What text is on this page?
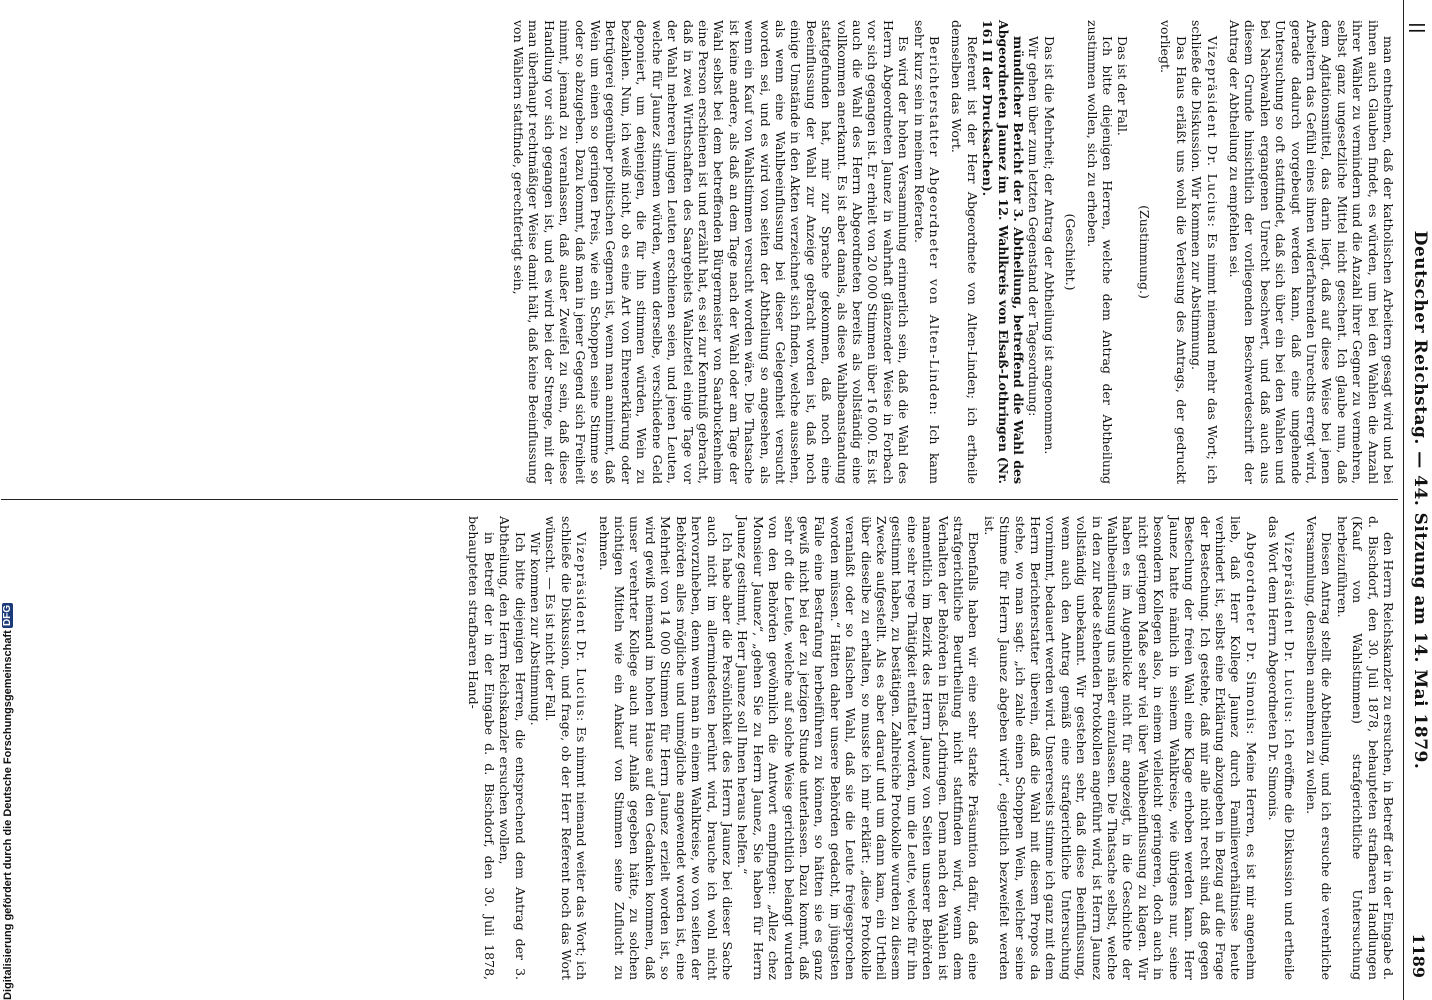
||
Deutscher Reichstag. — 44. Sitzung am 14. Mai 1879.
1189

man entnehmen, daß der katholischen Arbeitern gesagt wird und bei ihnen auch Glauben findet, es würden, um bei den Wahlen die Anzahl ihrer Wähler zu vermindern und die Anzahl ihrer Gegner zu vermehren, selbst ganz ungesetzliche Mittel nicht geschent. Ich glaube nun, daß dem Agitationsmittel, das darin liegt, daß auf diese Weise bei jenen Arbeitern das Gefühl eines ihnen widerfahrenden Unrechts erregt wird, gerade dadurch vorgebeugt werden kann, daß eine umgehende Untersuchung so oft stattfindet, daß sich über ein bei den Wahlen und bei Nachwahlen ergangenen Unrecht beschwert, und daß auch aus diesem Grunde hinsichtlich der vorliegenden Beschwerdeschrift der Antrag der Abtheilung zu empfehlen sei.

Vizepräsident Dr. Lucius: Es nimmt niemand mehr das Wort; ich schließe die Diskussion. Wir kommen zur Abstimmung.

Das Haus erläßt uns wohl die Verlesung des Antrags, der gedruckt vorliegt.

(Zustimmung.)

Das ist der Fall.

Ich bitte diejenigen Herren, welche dem Antrag der Abtheilung zustimmen wollen, sich zu erheben.

(Geschieht.)

Das ist die Mehrheit; der Antrag der Abtheilung ist angenommen.

Wir gehen über zum letzten Gegenstand der Tagesordnung:

mündlicher Bericht der 3. Abtheilung, betreffend die Wahl des Abgeordneten Jaunez im 12. Wahlkreis von Elsaß-Lothringen (Nr. 161 II der Drucksachen).

Referent ist der Herr Abgeordnete von Alten-Linden; ich ertheile demselben das Wort.

Berichterstatter Abgeordneter von Alten-Linden: Ich kann sehr kurz sein in meinem Referate.

Es wird der hohen Versammlung erinnerlich sein, daß die Wahl des Herrn Abgeordneten Jaunez in wahrhaft glänzender Weise in Forbach vor sich gegangen ist. Er erhielt von 20 000 Stimmen über 16 000. Es ist auch die Wahl des Herrn Abgeordneten bereits als vollständig eine vollkommen anerkannt. Es ist aber damals, als diese Wahlbeanstandung stattgefunden hat, mir zur Sprache gekommen, daß noch eine Beeinflussung der Wahl zur Anzeige gebracht worden ist, daß noch einige Umstände in den Akten verzeichnet sich finden, welche aussehen, als wenn eine Wahlbeeinflussung bei dieser Gelegenheit versucht worden sei, und es wird von seiten der Abtheilung so angesehen, als wenn ein Kauf von Wahlstimmen versucht worden wäre. Die Thatsache ist keine andere, als daß an dem Tage nach der Wahl oder am Tage der Wahl selbst bei dem betreffenden Bürgermeister von Saarbuckenheim eine Person erschienen ist und erzählt hat, es sei zur Kenntniß gebracht, daß in zwei Wirthschaften des Saargebiets Wahlzettel einige Tage vor der Wahl mehreren jungen Leuten erschienen seien, und jenen Leuten, welche für Jaunez stimmen würden, wenn derselbe, verschiedene Geld deponiert, um denjenigen, die für ihn stimmen würden, Wein zu bezahlen. Nun, ich weiß nicht, ob es eine Art von Ehrenerklärung oder Betrügerei gegenüber politischen Gegnern ist, wenn man annimmt, daß Wein um einen so geringen Preis, wie ein Schoppen seine Stimme so oder so abzugeben. Dazu kommt, daß man in jener Gegend sich Freiheit nimmt, jemand zu veranlassen, daß außer Zweifel zu sein, daß diese Handlung vor sich gegangen ist, und es wird bei der Strenge, mit der man überhaupt rechtmäßiger Weise damit hält, daß keine Beeinflussung von Wählern stattfinde, gerechtfertigt sein,

den Herrn Reichskanzler zu ersuchen, in Betreff der in der Eingabe d. d. Bischdorf, den 30. Juli 1878, behaupteten strafbaren Handlungen (Kauf von Wahlstimmen) strafgerichtliche Untersuchung herbeizuführen.

Diesen Antrag stellt die Abtheilung, und ich ersuche die verehrliche Versammlung, denselben annehmen zu wollen.

Vizepräsident Dr. Lucius: Ich eröffne die Diskussion und ertheile das Wort dem Herrn Abgeordneten Dr. Simonis.

Abgeordneter Dr. Simonis: Meine Herren, es ist mir angenehm lieb, daß Herr Kollege Jaunez durch Familienverhältnisse heute verhindert ist, selbst eine Erklärung abzugeben in Bezug auf die Frage der Bestechung. Ich gestehe, daß mir alle nicht recht sind, daß gegen Bestechung der freien Wahl eine Klage erhoben werden kann. Herr Jaunez hatte nämlich in seinem Wahlkreise, wie übrigens nur, seine besondern Kollegen also, in einem vielleicht geringeren, doch auch in nicht geringem Maße sehr viel über Wahlbeeinflussung zu klagen. Wir haben es im Augenblicke nicht für angezeigt, in die Geschichte der Wahlbeeinflussung uns näher einzulassen. Die Thatsache selbst, welche in den zur Rede stehenden Protokollen angeführt wird, ist Herrn Jaunez vollständig unbekannt. Wir gestehen sehr, daß diese Beeinflussung, wenn auch den Antrag gemäß eine strafgerichtliche Untersuchung vornimmt, bedauert werden wird. Unsererseits stimme ich ganz mit dem Herrn Berichterstatter überein, daß die Wahl mit diesem Propos da stehe, wo man sagt: „ich zahle einen Schoppen Wein, welcher seine Stimme für Herrn Jaunez abgeben wird“, eigentlich bezweifelt werden ist.

Ebenfalls haben wir eine sehr starke Präsumtion dafür, daß eine strafgerichtliche Beurtheilung nicht stattfinden wird, wenn dem Verhalten der Behörden in Elsaß-Lothringen. Denn nach den Wahlen ist namentlich im Bezirk des Herrn Jaunez von Seiten unserer Behörden eine sehr rege Thätigkeit entfaltet worden, um die Leute, welche für ihn gestimmt haben, zu bestätigen. Zahlreiche Protokolle wurden zu diesem Zwecke aufgestellt. Als es aber darauf und um dann kam, ein Urtheil über dieselbe zu erhalten, so musste ich mir erklärt: „diese Protokolle veranlaßt oder so falschen Wahl, daß sie die Leute freigesprochen worden müssen.“ Hätten daher unsere Behörden gedacht, im jüngsten Falle eine Bestrafung herbeiführen zu können, so hätten sie es ganz gewiß nicht bei der zu jetzigen Stunde unterlassen. Dazu kommt, daß sehr oft die Leute, welche auf solche Weise gerichtlich belangt wurden von den Behörden gewöhnlich die Antwort empfingen: „Allez chez Monsieur Jaunez“, „gehen Sie zu Herrn Jaunez, Sie haben für Herrn Jaunez gestimmt, Herr Jaunez soll Ihnen heraus helfen.“

Ich habe aber die Persönlichkeit des Herrn Jaunez bei dieser Sache auch nicht im allermindesten berührt wird, brauche ich wohl nicht hervorzuheben, denn wenn man in einem Wahlkreise, wo von seiten der Behörden alles mögliche und unmögliche angewendet worden ist, eine Mehrheit von 14 000 Stimmen für Herrn Jaunez erzielt worden ist, so wird gewiß niemand im hohen Hause auf den Gedanken kommen, daß unser verehrter Kollege auch nur Anlaß gegeben hätte, zu solchen nichtigen Mitteln wie ein Ankauf von Stimmen seine Zuflucht zu nehmen.

Vizepräsident Dr. Lucius: Es nimmt niemand weiter das Wort; ich schließe die Diskussion, und frage, ob der Herr Referent noch das Wort wünscht. — Es ist nicht der Fall.

Wir kommen zur Abstimmung.

Ich bitte diejenigen Herren, die entsprechend dem Antrag der 3. Abtheilung, den Herrn Reichskanzler ersuchen wollen,

in Betreff der in der Eingabe d. d. Bischdorf, den 30. Juli 1878, behaupteten strafbaren Hand-

Digitalisierung gefördert durch die Deutsche Forschungsgemeinschaft
DFG
